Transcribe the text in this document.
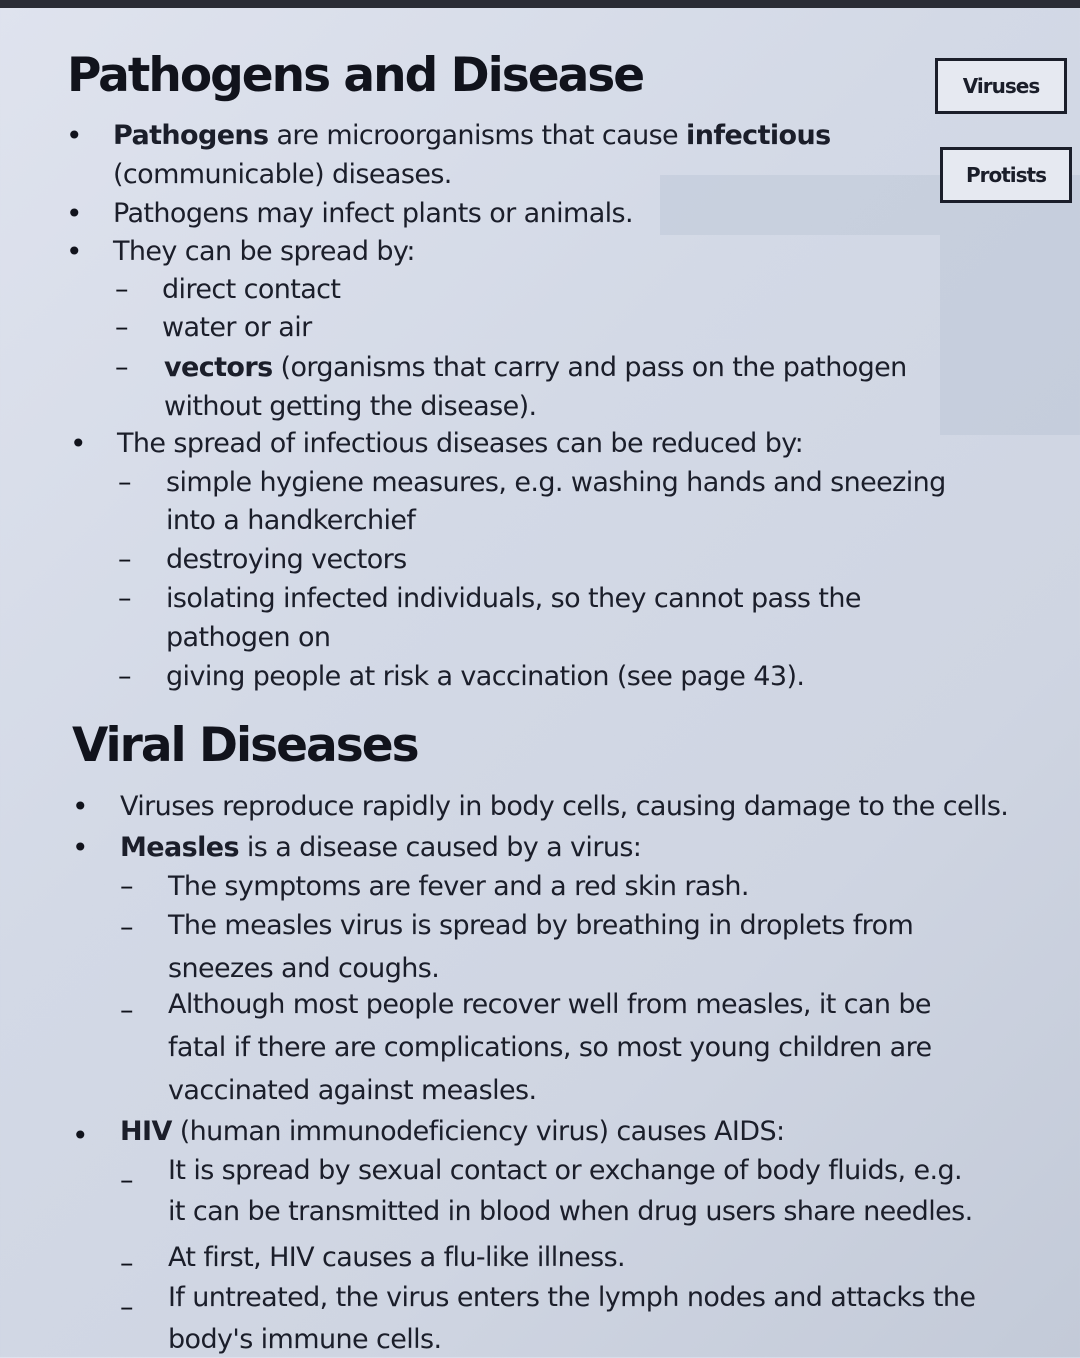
Viruses
Protists
Pathogens and Disease
• Pathogens are microorganisms that cause infectious
(communicable) diseases.
• Pathogens may infect plants or animals.
• They can be spread by:
– direct contact
– water or air
– vectors (organisms that carry and pass on the pathogen
without getting the disease).
• The spread of infectious diseases can be reduced by:
– simple hygiene measures, e.g. washing hands and sneezing
into a handkerchief
– destroying vectors
– isolating infected individuals, so they cannot pass the
pathogen on
– giving people at risk a vaccination (see page 43).
Viral Diseases
• Viruses reproduce rapidly in body cells, causing damage to the cells.
• Measles is a disease caused by a virus:
– The symptoms are fever and a red skin rash.
– The measles virus is spread by breathing in droplets from
sneezes and coughs.
– Although most people recover well from measles, it can be
fatal if there are complications, so most young children are
vaccinated against measles.
• HIV (human immunodeficiency virus) causes AIDS:
– It is spread by sexual contact or exchange of body fluids, e.g.
it can be transmitted in blood when drug users share needles.
– At first, HIV causes a flu-like illness.
– If untreated, the virus enters the lymph nodes and attacks the
body's immune cells.
